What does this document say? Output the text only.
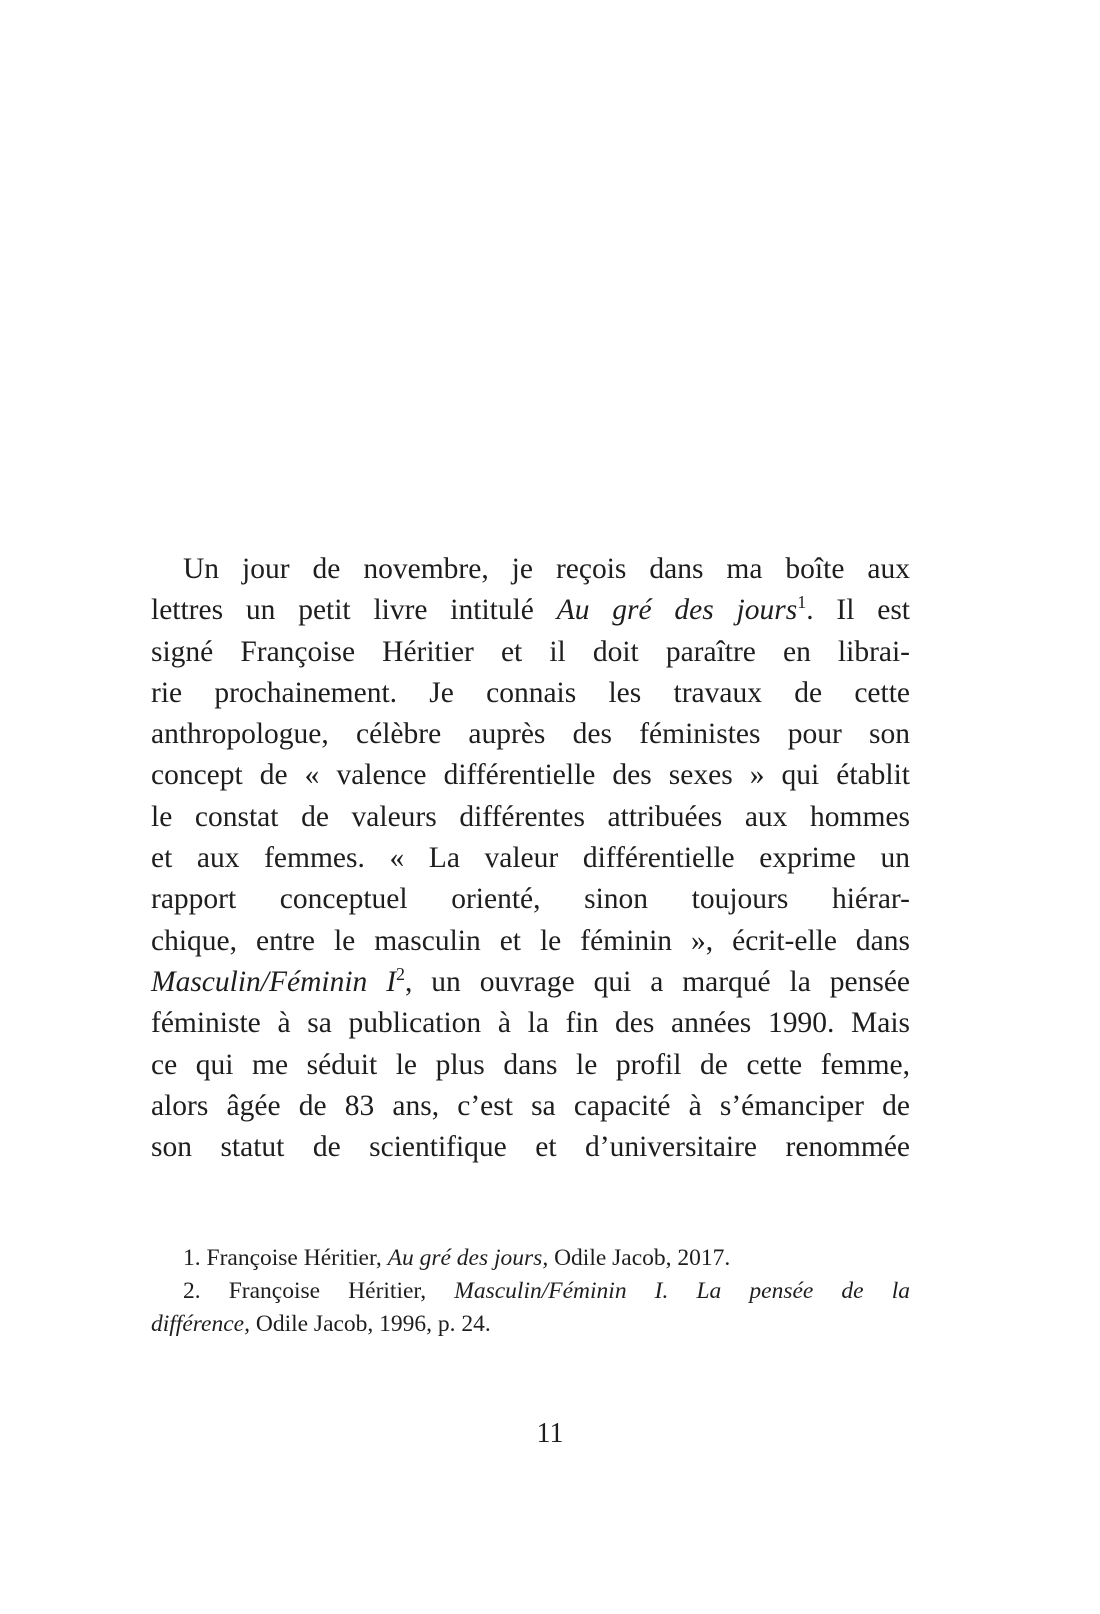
Un jour de novembre, je reçois dans ma boîte aux
lettres un petit livre intitulé Au gré des jours$^1$. Il est
signé Françoise Héritier et il doit paraître en librai-
rie prochainement. Je connais les travaux de cette
anthropologue, célèbre auprès des féministes pour son
concept de « valence différentielle des sexes » qui établit
le constat de valeurs différentes attribuées aux hommes
et aux femmes. « La valeur différentielle exprime un
rapport conceptuel orienté, sinon toujours hiérar-
chique, entre le masculin et le féminin », écrit-elle dans
Masculin/Féminin $I^2$, un ouvrage qui a marqué la pensée
féministe à sa publication à la fin des années 1990. Mais
ce qui me séduit le plus dans le profil de cette femme,
alors âgée de 83 ans, c’est sa capacité à s’émanciper de
son statut de scientifique et d’universitaire renommée
1. Françoise Héritier, Au gré des jours, Odile Jacob, 2017.
2. Françoise Héritier, Masculin/Féminin I. La pensée de la
différence, Odile Jacob, 1996, p. 24.
11
